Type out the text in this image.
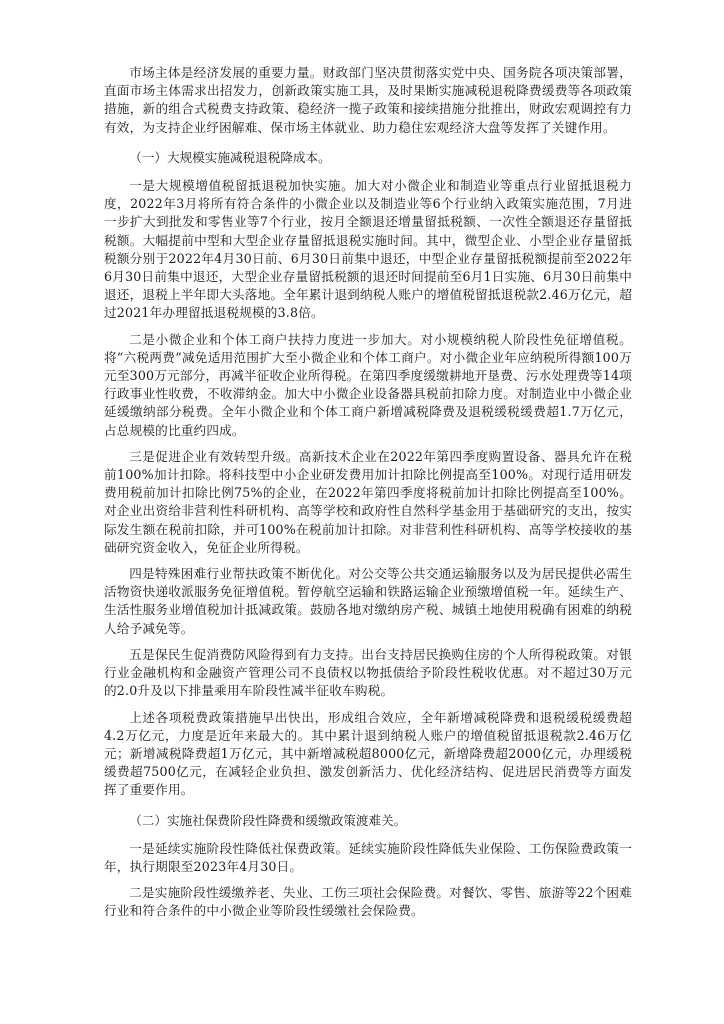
市场主体是经济发展的重要力量。财政部门坚决贯彻落实党中央、国务院各项决策部署，直面市场主体需求出招发力，创新政策实施工具，及时果断实施减税退税降费缓费等各项政策措施，新的组合式税费支持政策、稳经济一揽子政策和接续措施分批推出，财政宏观调控有力有效，为支持企业纾困解难、保市场主体就业、助力稳住宏观经济大盘等发挥了关键作用。

（一）大规模实施减税退税降成本。

一是大规模增值税留抵退税加快实施。加大对小微企业和制造业等重点行业留抵退税力度，2022年3月将所有符合条件的小微企业以及制造业等6个行业纳入政策实施范围，7月进一步扩大到批发和零售业等7个行业，按月全额退还增量留抵税额、一次性全额退还存量留抵税额。大幅提前中型和大型企业存量留抵退税实施时间。其中，微型企业、小型企业存量留抵税额分别于2022年4月30日前、6月30日前集中退还，中型企业存量留抵税额提前至2022年6月30日前集中退还，大型企业存量留抵税额的退还时间提前至6月1日实施、6月30日前集中退还，退税上半年即大头落地。全年累计退到纳税人账户的增值税留抵退税款2.46万亿元，超过2021年办理留抵退税规模的3.8倍。

二是小微企业和个体工商户扶持力度进一步加大。对小规模纳税人阶段性免征增值税。将“六税两费”减免适用范围扩大至小微企业和个体工商户。对小微企业年应纳税所得额100万元至300万元部分，再减半征收企业所得税。在第四季度缓缴耕地开垦费、污水处理费等14项行政事业性收费，不收滞纳金。加大中小微企业设备器具税前扣除力度。对制造业中小微企业延缓缴纳部分税费。全年小微企业和个体工商户新增减税降费及退税缓税缓费超1.7万亿元，占总规模的比重约四成。

三是促进企业有效转型升级。高新技术企业在2022年第四季度购置设备、器具允许在税前100%加计扣除。将科技型中小企业研发费用加计扣除比例提高至100%。对现行适用研发费用税前加计扣除比例75%的企业，在2022年第四季度将税前加计扣除比例提高至100%。对企业出资给非营利性科研机构、高等学校和政府性自然科学基金用于基础研究的支出，按实际发生额在税前扣除，并可100%在税前加计扣除。对非营利性科研机构、高等学校接收的基础研究资金收入，免征企业所得税。

四是特殊困难行业帮扶政策不断优化。对公交等公共交通运输服务以及为居民提供必需生活物资快递收派服务免征增值税。暂停航空运输和铁路运输企业预缴增值税一年。延续生产、生活性服务业增值税加计抵减政策。鼓励各地对缴纳房产税、城镇土地使用税确有困难的纳税人给予减免等。

五是保民生促消费防风险得到有力支持。出台支持居民换购住房的个人所得税政策。对银行业金融机构和金融资产管理公司不良债权以物抵债给予阶段性税收优惠。对不超过30万元的2.0升及以下排量乘用车阶段性减半征收车购税。

上述各项税费政策措施早出快出，形成组合效应，全年新增减税降费和退税缓税缓费超4.2万亿元，力度是近年来最大的。其中累计退到纳税人账户的增值税留抵退税款2.46万亿元；新增减税降费超1万亿元，其中新增减税超8000亿元，新增降费超2000亿元，办理缓税缓费超7500亿元，在减轻企业负担、激发创新活力、优化经济结构、促进居民消费等方面发挥了重要作用。

（二）实施社保费阶段性降费和缓缴政策渡难关。

一是延续实施阶段性降低社保费政策。延续实施阶段性降低失业保险、工伤保险费政策一年，执行期限至2023年4月30日。

二是实施阶段性缓缴养老、失业、工伤三项社会保险费。对餐饮、零售、旅游等22个困难行业和符合条件的中小微企业等阶段性缓缴社会保险费。
